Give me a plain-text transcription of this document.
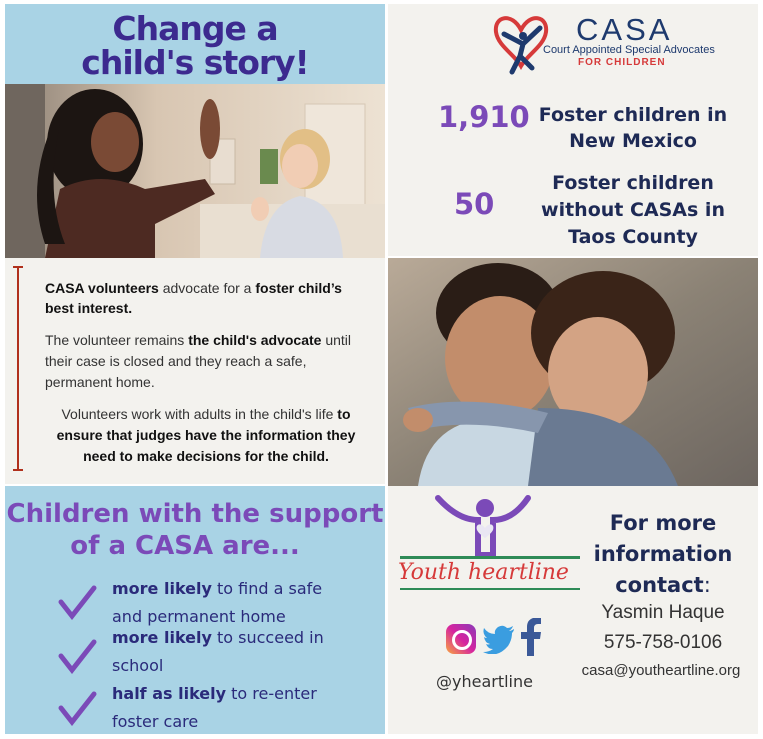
Change a
child's story!
CASA volunteers advocate for a foster child’s best interest.
The volunteer remains the child's advocate until their case is closed and they reach a safe, permanent home.
Volunteers work with adults in the child's life to ensure that judges have the information they need to make decisions for the child.
CASA
Court Appointed Special Advocates
FOR CHILDREN
1,910 Foster children in
New Mexico
50
Foster children
without CASAs in
Taos County
Children with the support
of a CASA are...
more likely to find a safe
and permanent home
more likely to succeed in
school
half as likely to re-enter
foster care
Youth heartline
@yheartline
For more
information
contact:
Yasmin Haque
575-758-0106
casa@youtheartline.org
